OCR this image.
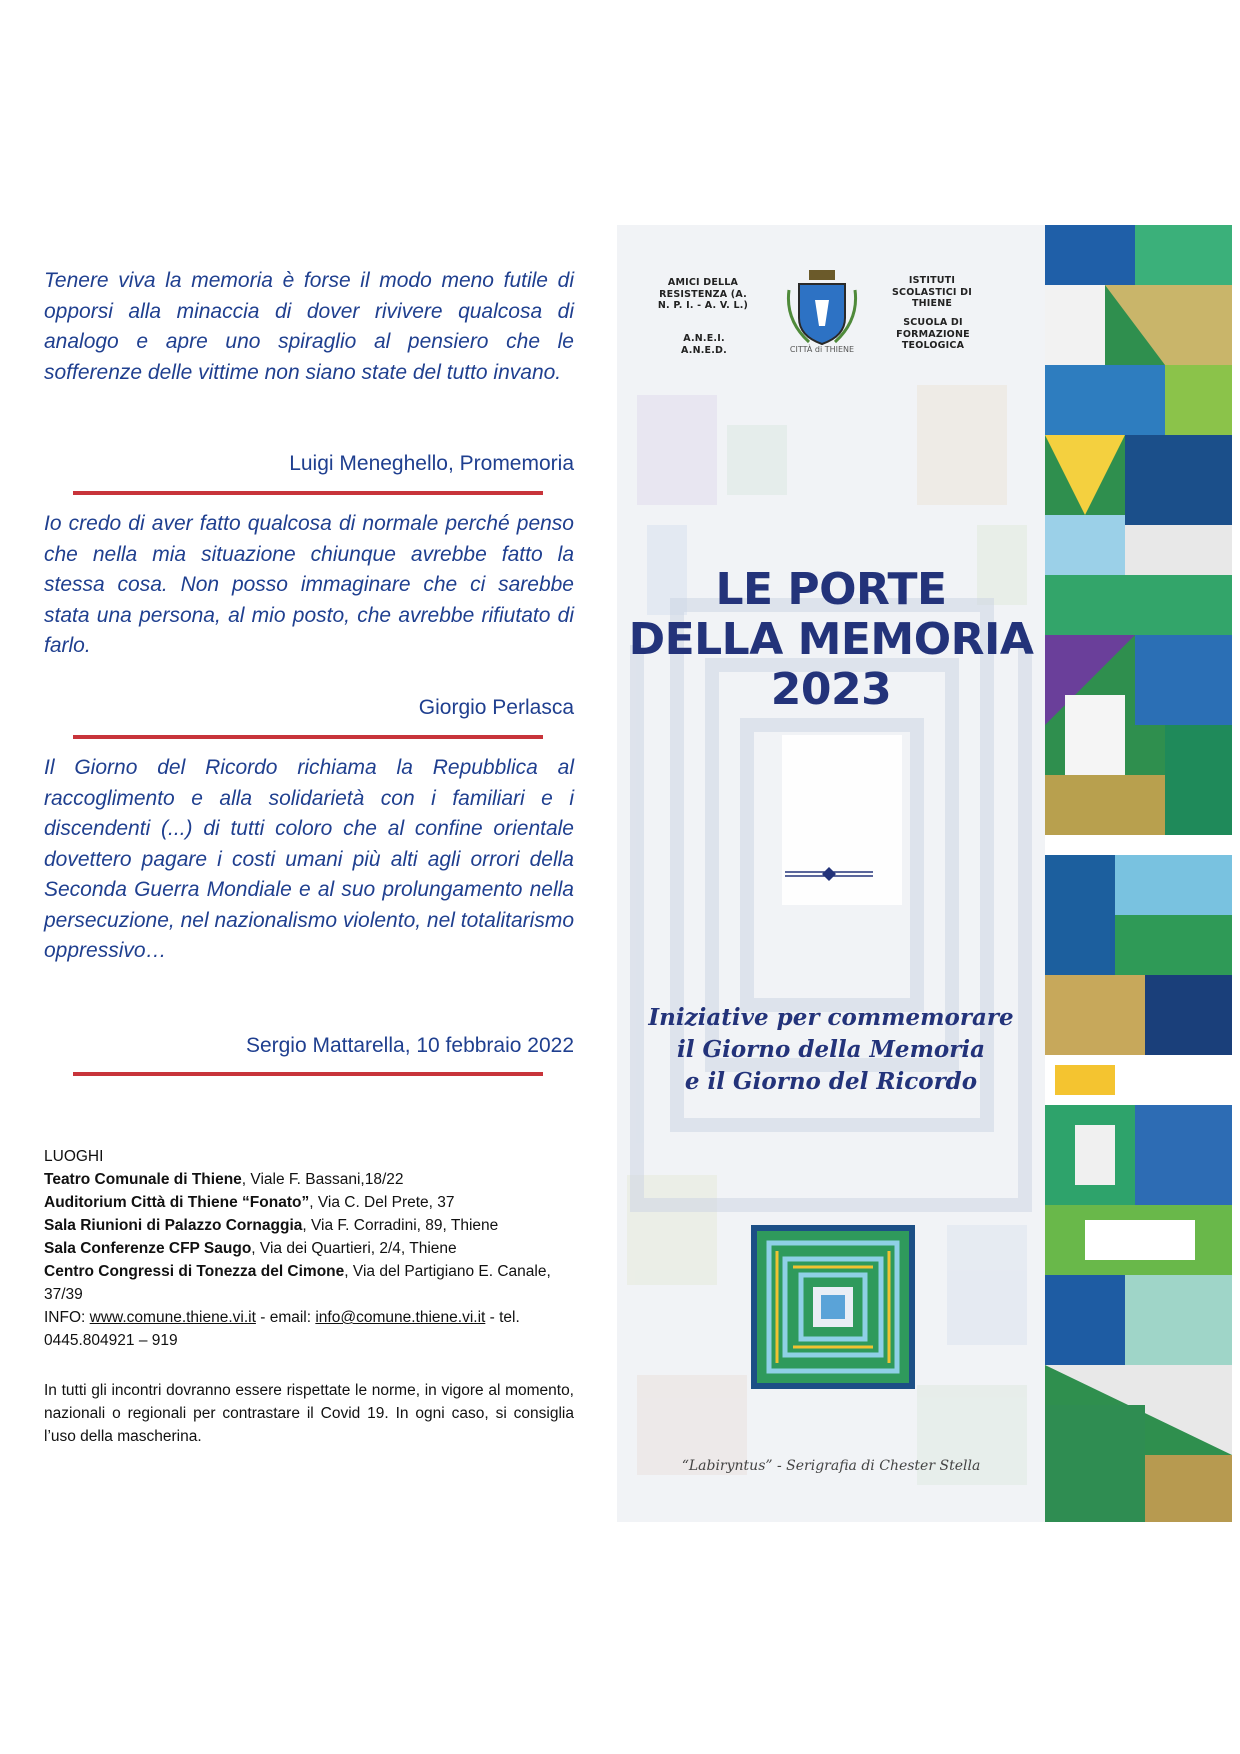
Tenere viva la memoria è forse il modo meno futile di opporsi alla minaccia di dover rivivere qualcosa di analogo e apre uno spiraglio al pensiero che le sofferenze delle vittime non siano state del tutto invano.
Luigi Meneghello, Promemoria
Io credo di aver fatto qualcosa di normale perché penso che nella mia situazione chiunque avrebbe fatto la stessa cosa. Non posso immaginare che ci sarebbe stata una persona, al mio posto, che avrebbe rifiutato di farlo.
Giorgio Perlasca
Il Giorno del Ricordo richiama la Repubblica al raccoglimento e alla solidarietà con i familiari e i discendenti (...) di tutti coloro che al confine orientale dovettero pagare i costi umani più alti agli orrori della Seconda Guerra Mondiale e al suo prolungamento nella persecuzione, nel nazionalismo violento, nel totalitarismo oppressivo…
Sergio Mattarella, 10 febbraio 2022
LUOGHI
Teatro Comunale di Thiene, Viale F. Bassani,18/22
Auditorium Città di Thiene “Fonato”, Via C. Del Prete, 37
Sala Riunioni di Palazzo Cornaggia, Via F. Corradini, 89, Thiene
Sala Conferenze CFP Saugo, Via dei Quartieri, 2/4, Thiene
Centro Congressi di Tonezza del Cimone, Via del Partigiano E. Canale, 37/39
INFO: www.comune.thiene.vi.it - email: info@comune.thiene.vi.it - tel. 0445.804921 – 919
In tutti gli incontri dovranno essere rispettate le norme, in vigore al momento, nazionali o regionali per contrastare il Covid 19. In ogni caso, si consiglia l’uso della mascherina.
AMICI DELLA RESISTENZA (A. N. P. I. - A. V. L.)
A.N.E.I. A.N.E.D.	CITTÀ di THIENE
ISTITUTI SCOLASTICI DI THIENE
SCUOLA DI FORMAZIONE TEOLOGICA
LE PORTE
DELLA MEMORIA
2023
Iniziative per commemorare
il Giorno della Memoria
e il Giorno del Ricordo
“Labiryntus” - Serigrafia di Chester Stella
